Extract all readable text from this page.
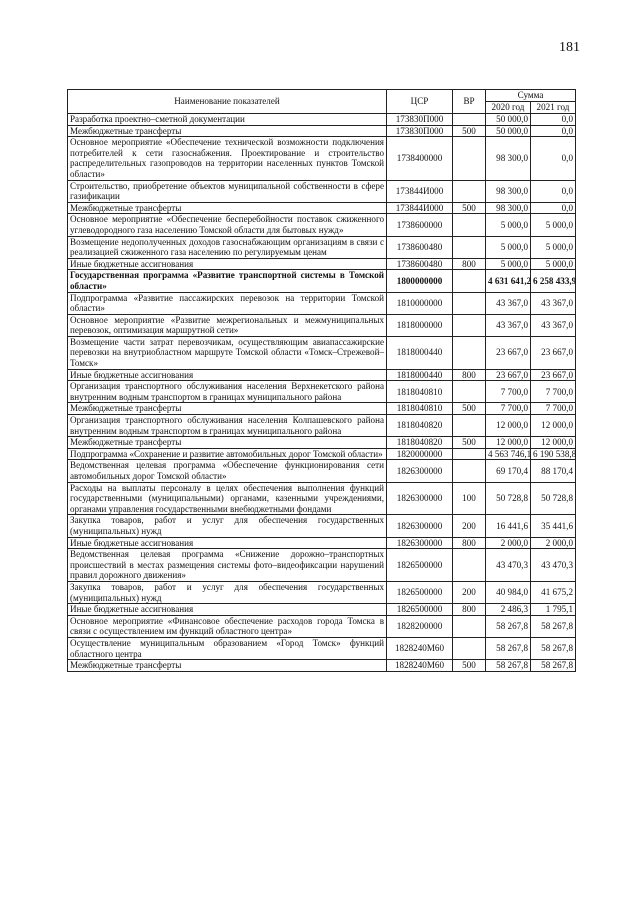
181
Наименование показателей	ЦСР	ВР	Сумма	
			2020 год	2021 год
Разработка проектно–сметной документации	173830П000		50 000,0	0,0
Межбюджетные трансферты	173830П000	500	50 000,0	0,0
Основное мероприятие «Обеспечение технической возможности подключения потребителей к сети газоснабжения. Проектирование и строительство распределительных газопроводов на территории населенных пунктов Томской области»	1738400000		98 300,0	0,0
Строительство, приобретение объектов муниципальной собственности в сфере газификации	173844И000		98 300,0	0,0
Межбюджетные трансферты	173844И000	500	98 300,0	0,0
Основное мероприятие «Обеспечение бесперебойности поставок сжиженного углеводородного газа населению Томской области для бытовых нужд»	1738600000		5 000,0	5 000,0
Возмещение недополученных доходов газоснабжающим организациям в связи с реализацией сжиженного газа населению по регулируемым ценам	1738600480		5 000,0	5 000,0
Иные бюджетные ассигнования	1738600480	800	5 000,0	5 000,0
Государственная программа «Развитие транспортной системы в Томской области»	1800000000		4 631 641,2	6 258 433,9
Подпрограмма «Развитие пассажирских перевозок на территории Томской области»	1810000000		43 367,0	43 367,0
Основное мероприятие «Развитие межрегиональных и межмуниципальных перевозок, оптимизация маршрутной сети»	1818000000		43 367,0	43 367,0
Возмещение части затрат перевозчикам, осуществляющим авиапассажирские перевозки на внутриобластном маршруте Томской области «Томск–Стрежевой–Томск»	1818000440		23 667,0	23 667,0
Иные бюджетные ассигнования	1818000440	800	23 667,0	23 667,0
Организация транспортного обслуживания населения Верхнекетского района внутренним водным транспортом в границах муниципального района	1818040810		7 700,0	7 700,0
Межбюджетные трансферты	1818040810	500	7 700,0	7 700,0
Организация транспортного обслуживания населения Колпашевского района внутренним водным транспортом в границах муниципального района	1818040820		12 000,0	12 000,0
Межбюджетные трансферты	1818040820	500	12 000,0	12 000,0
Подпрограмма «Сохранение и развитие автомобильных дорог Томской области»	1820000000		4 563 746,1	6 190 538,8
Ведомственная целевая программа «Обеспечение функционирования сети автомобильных дорог Томской области»	1826300000		69 170,4	88 170,4
Расходы на выплаты персоналу в целях обеспечения выполнения функций государственными (муниципальными) органами, казенными учреждениями, органами управления государственными внебюджетными фондами	1826300000	100	50 728,8	50 728,8
Закупка товаров, работ и услуг для обеспечения государственных (муниципальных) нужд	1826300000	200	16 441,6	35 441,6
Иные бюджетные ассигнования	1826300000	800	2 000,0	2 000,0
Ведомственная целевая программа «Снижение дорожно–транспортных происшествий в местах размещения системы фото–видеофиксации нарушений правил дорожного движения»	1826500000		43 470,3	43 470,3
Закупка товаров, работ и услуг для обеспечения государственных (муниципальных) нужд	1826500000	200	40 984,0	41 675,2
Иные бюджетные ассигнования	1826500000	800	2 486,3	1 795,1
Основное мероприятие «Финансовое обеспечение расходов города Томска в связи с осуществлением им функций областного центра»	1828200000		58 267,8	58 267,8
Осуществление муниципальным образованием «Город Томск» функций областного центра	1828240М60		58 267,8	58 267,8
Межбюджетные трансферты	1828240М60	500	58 267,8	58 267,8
